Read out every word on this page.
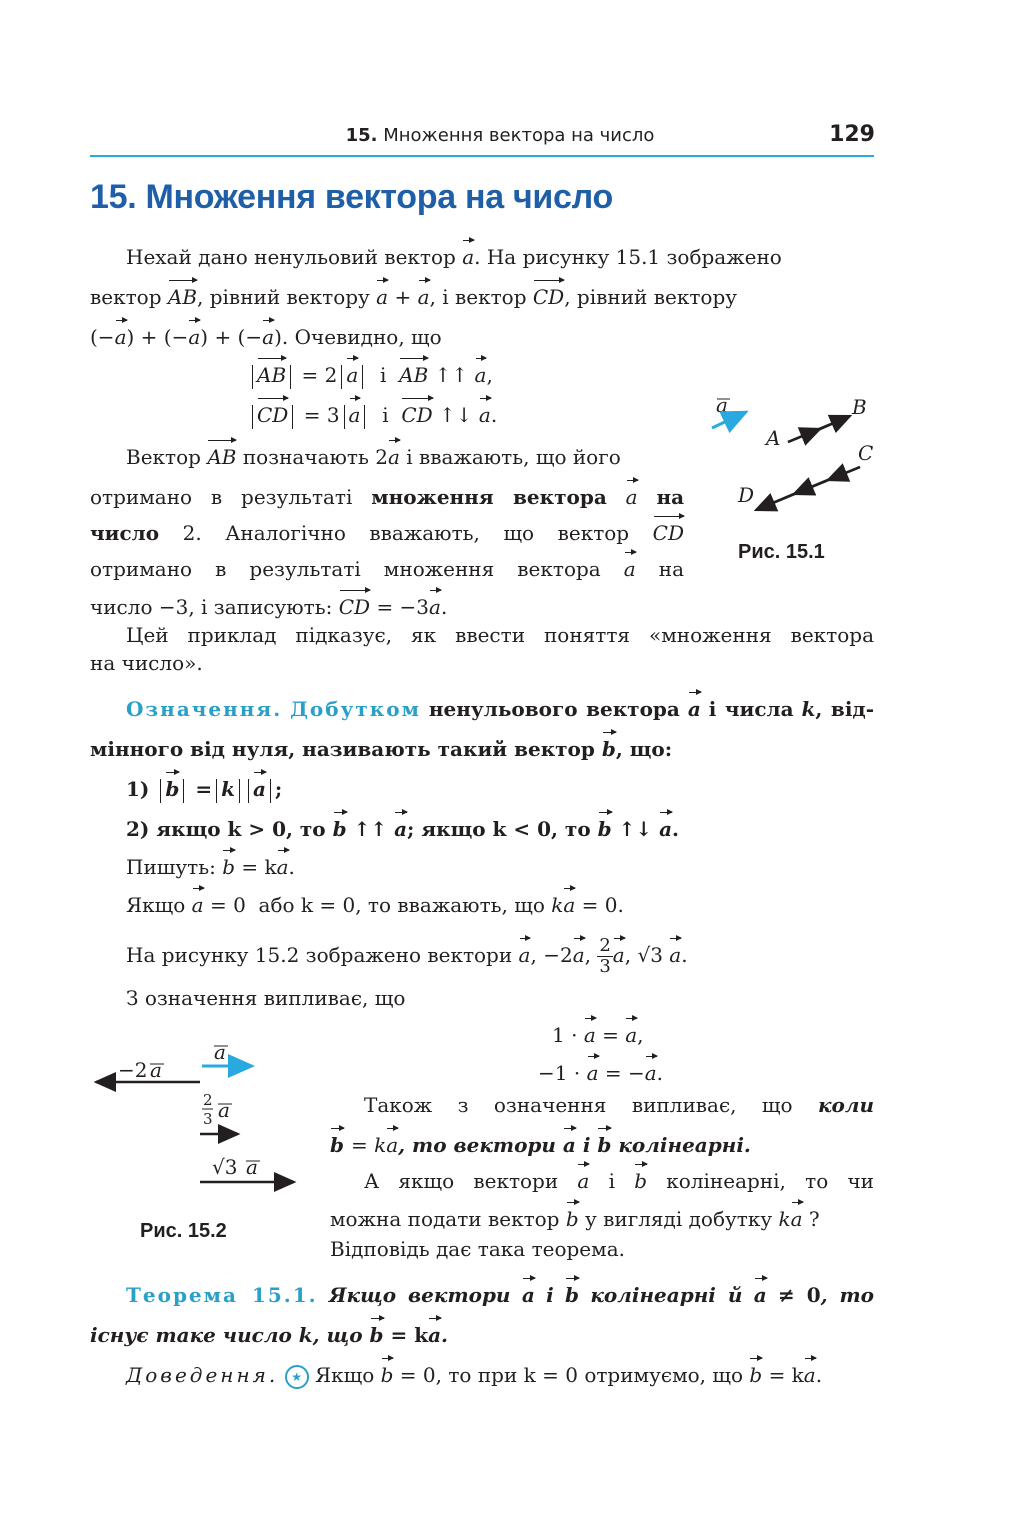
15. Множення вектора на число	129
15. Множення вектора на число
Нехай дано ненульовий вектор a. На рисунку 15.1 зображено
вектор AB, рівний вектору a + a, і вектор CD, рівний вектору
(−a) + (−a) + (−a). Очевидно, що
AB = 2 a і AB ↑↑ a,
CD = 3 a і CD ↑↓ a.
Вектор AB позначають 2a і вважають, що його
отримано в результаті множення вектора a на
число 2. Аналогічно вважають, що вектор CD
отримано в результаті множення вектора a на
число −3, і записують: CD = −3a.
a
A
B
C
D
Рис. 15.1
Цей приклад підказує, як ввести поняття «множення вектора
на число».
Означення. Добутком ненульового вектора a і числа k, від-
мінного від нуля, називають такий вектор b, що:
1) b = k a ;
2) якщо k > 0, то b ↑↑ a; якщо k < 0, то b ↑↓ a.
Пишуть: b = ka.
Якщо a = 0 або k = 0, то вважають, що ka = 0.
На рисунку 15.2 зображено вектори a, −2a, $\frac{2}{3}a$, √3 a.
З означення випливає, що
1 · a = a,
−1 · a = −a.
a
−2 a
2
3 a
√3 a
Рис. 15.2
Також з означення випливає, що коли
b = ka, то вектори a і b колінеарні.
А якщо вектори a і b колінеарні, то чи
можна подати вектор b у вигляді добутку ka ?
Відповідь дає така теорема.
Теорема 15.1. Якщо вектори a і b колінеарні й a ≠ 0, то
існує таке число k, що b = ka.
Доведення. ★ Якщо b = 0, то при k = 0 отримуємо, що b = ka.
